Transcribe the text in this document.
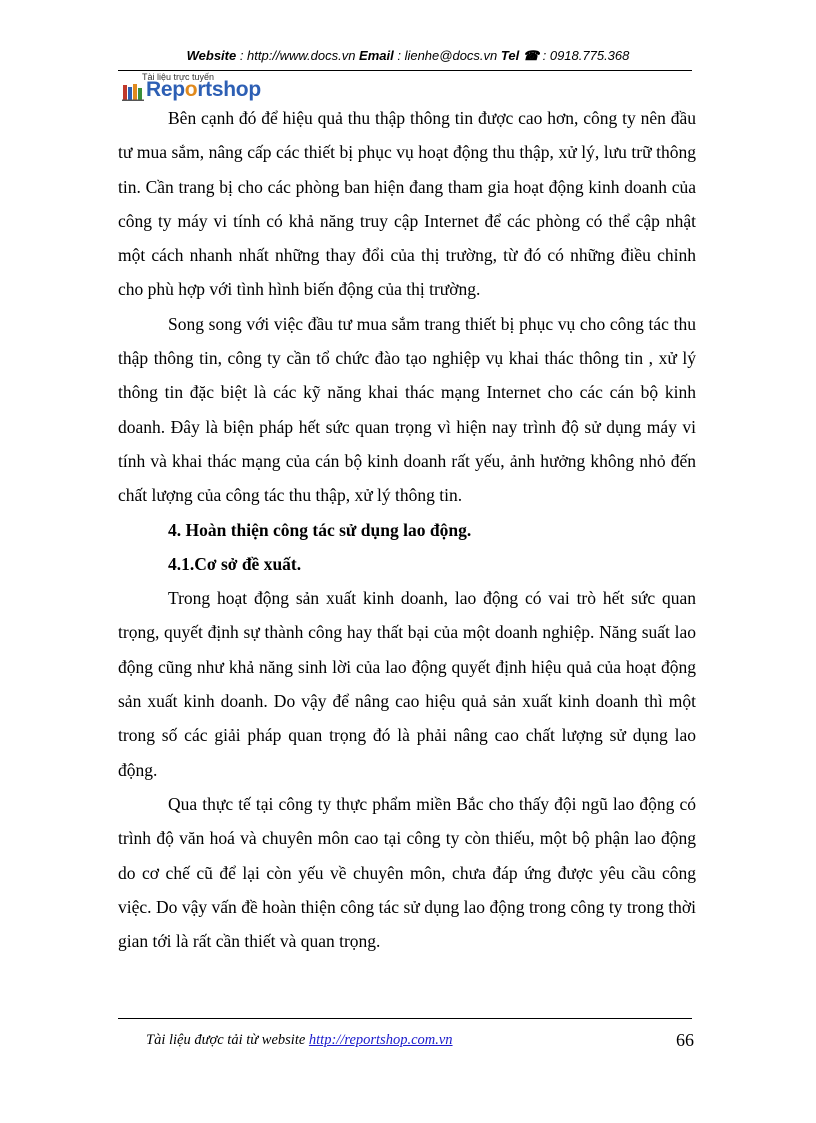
Website : http://www.docs.vn Email : lienhe@docs.vn Tel ☎ : 0918.775.368
Tài liệu trực tuyến
Reportshop

Bên cạnh đó để hiệu quả thu thập thông tin được cao hơn, công ty nên đầu tư mua sắm, nâng cấp các thiết bị phục vụ hoạt động thu thập, xử lý, lưu trữ thông tin. Cần trang bị cho các phòng ban hiện đang tham gia hoạt động kinh doanh của công ty máy vi tính có khả năng truy cập Internet để các phòng có thể cập nhật một cách nhanh nhất những thay đổi của thị trường, từ đó có những điều chỉnh cho phù hợp với tình hình biến động của thị trường.

Song song với việc đầu tư mua sắm trang thiết bị phục vụ cho công tác thu thập thông tin, công ty cần tổ chức đào tạo nghiệp vụ khai thác thông tin , xử lý thông tin đặc biệt là các kỹ năng khai thác mạng Internet cho các cán bộ kinh doanh. Đây là biện pháp hết sức quan trọng vì hiện nay trình độ sử dụng máy vi tính và khai thác mạng của cán bộ kinh doanh rất yếu, ảnh hưởng không nhỏ đến chất lượng của công tác thu thập, xử lý thông tin.

4. Hoàn thiện công tác sử dụng lao động.
4.1.Cơ sở đề xuất.

Trong hoạt động sản xuất kinh doanh, lao động có vai trò hết sức quan trọng, quyết định sự thành công hay thất bại của một doanh nghiệp. Năng suất lao động cũng như khả năng sinh lời của lao động quyết định hiệu quả của hoạt động sản xuất kinh doanh. Do vậy để nâng cao hiệu quả sản xuất kinh doanh thì một trong số các giải pháp quan trọng đó là phải nâng cao chất lượng sử dụng lao động.

Qua thực tế tại công ty thực phẩm miền Bắc cho thấy đội ngũ lao động có trình độ văn hoá và chuyên môn cao tại công ty còn thiếu, một bộ phận lao động do cơ chế cũ để lại còn yếu về chuyên môn, chưa đáp ứng được yêu cầu công việc. Do vậy vấn đề hoàn thiện công tác sử dụng lao động trong công ty trong thời gian tới là rất cần thiết và quan trọng.

Tài liệu được tải từ website http://reportshop.com.vn	66
